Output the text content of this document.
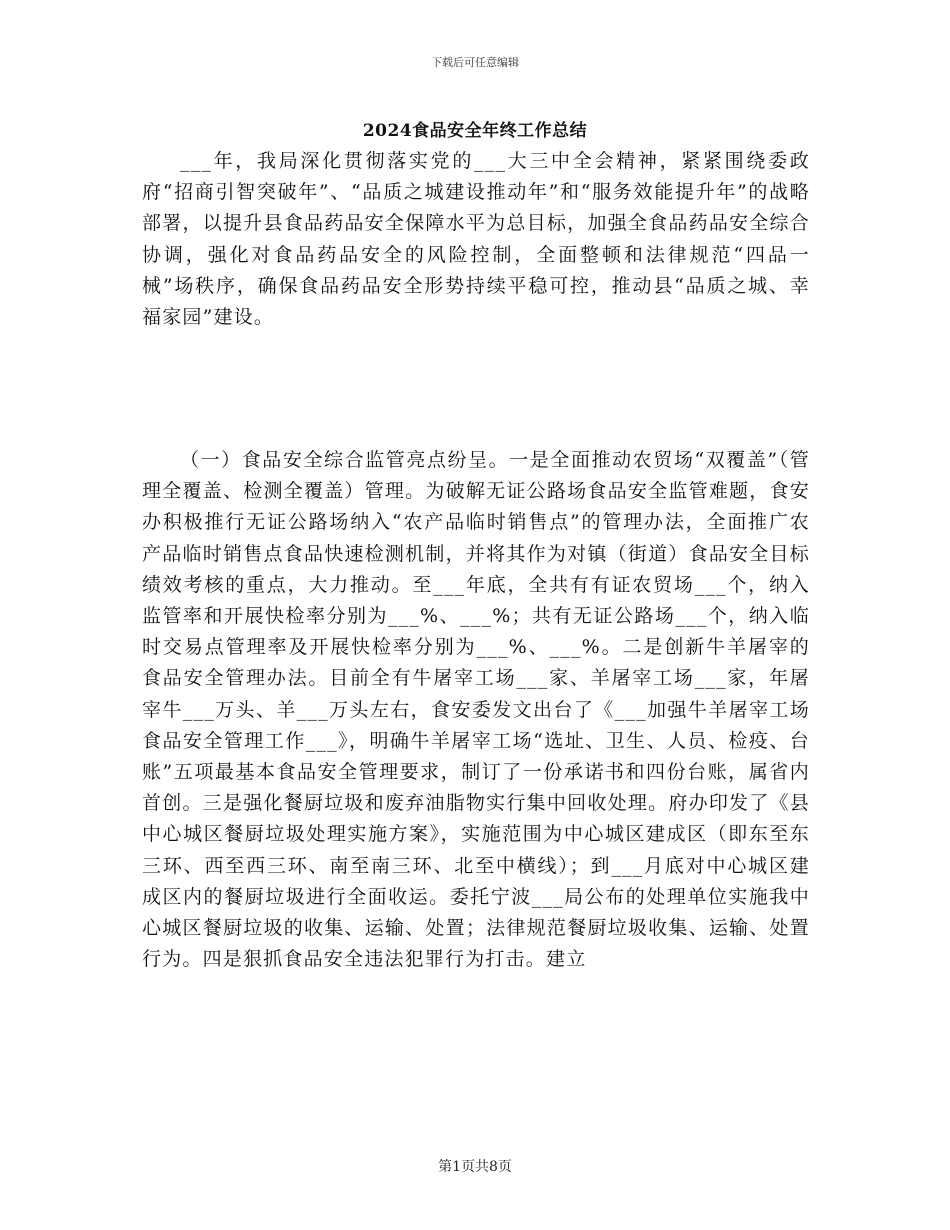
下载后可任意编辑
2024食品安全年终工作总结

___年，我局深化贯彻落实党的___大三中全会精神，紧紧围绕委政府“招商引智突破年”、“品质之城建设推动年”和“服务效能提升年”的战略部署，以提升县食品药品安全保障水平为总目标，加强全食品药品安全综合协调，强化对食品药品安全的风险控制，全面整顿和法律规范“四品一械”场秩序，确保食品药品安全形势持续平稳可控，推动县“品质之城、幸福家园”建设。

（一）食品安全综合监管亮点纷呈。一是全面推动农贸场“双覆盖”（管理全覆盖、检测全覆盖）管理。为破解无证公路场食品安全监管难题，食安办积极推行无证公路场纳入“农产品临时销售点”的管理办法，全面推广农产品临时销售点食品快速检测机制，并将其作为对镇（街道）食品安全目标绩效考核的重点，大力推动。至___年底，全共有有证农贸场___个，纳入监管率和开展快检率分别为___%、___%；共有无证公路场___个，纳入临时交易点管理率及开展快检率分别为___%、___%。二是创新牛羊屠宰的食品安全管理办法。目前全有牛屠宰工场___家、羊屠宰工场___家，年屠宰牛___万头、羊___万头左右，食安委发文出台了《___加强牛羊屠宰工场食品安全管理工作___》，明确牛羊屠宰工场“选址、卫生、人员、检疫、台账”五项最基本食品安全管理要求，制订了一份承诺书和四份台账，属省内首创。三是强化餐厨垃圾和废弃油脂物实行集中回收处理。府办印发了《县中心城区餐厨垃圾处理实施方案》，实施范围为中心城区建成区（即东至东三环、西至西三环、南至南三环、北至中横线）；到___月底对中心城区建成区内的餐厨垃圾进行全面收运。委托宁波___局公布的处理单位实施我中心城区餐厨垃圾的收集、运输、处置；法律规范餐厨垃圾收集、运输、处置行为。四是狠抓食品安全违法犯罪行为打击。建立

第1页共8页
